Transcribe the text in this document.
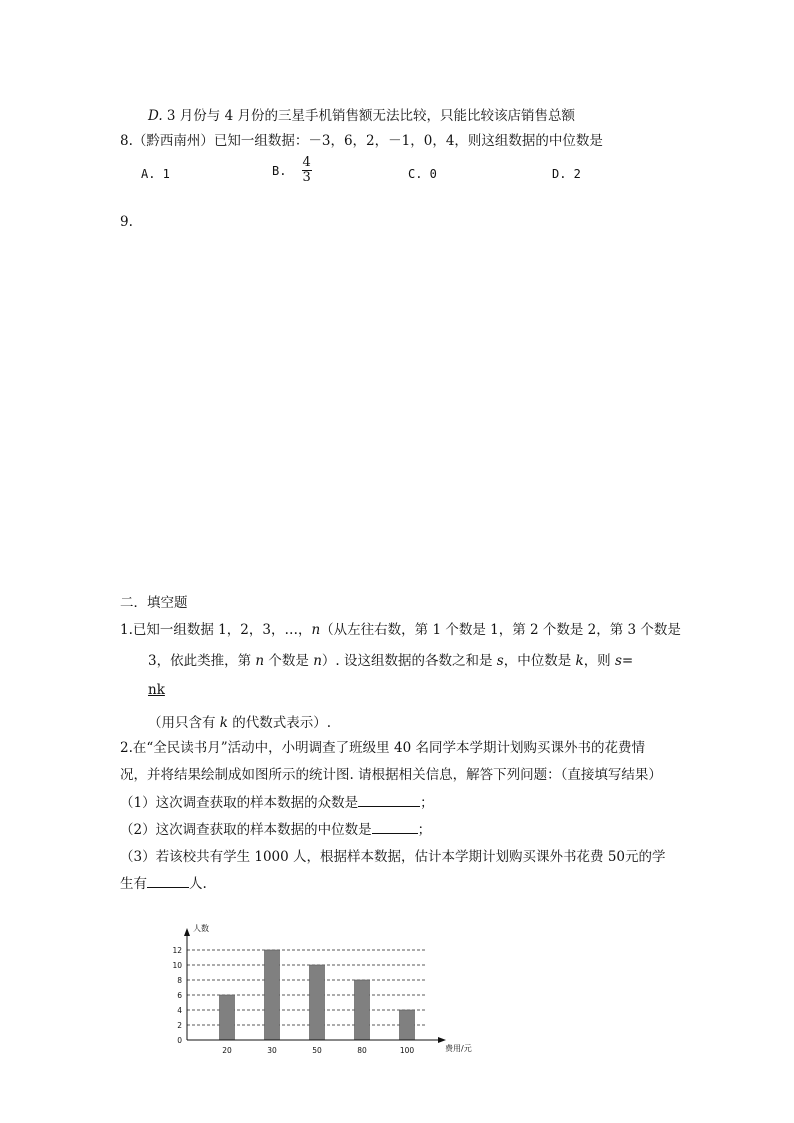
D. 3 月份与 4 月份的三星手机销售额无法比较，只能比较该店销售总额
8.（黔西南州）已知一组数据：－3，6，2，－1，0，4，则这组数据的中位数是
A. 1	B. $\frac{4}{3}$	C. 0	D. 2
9.
二．填空题
1.已知一组数据 1，2，3，…，n（从左往右数，第 1 个数是 1，第 2 个数是 2，第 3 个数是
3，依此类推，第 n 个数是 n）. 设这组数据的各数之和是 s，中位数是 k，则 s=
nk
（用只含有 k 的代数式表示）.
2.在“全民读书月”活动中，小明调查了班级里 40 名同学本学期计划购买课外书的花费情
况，并将结果绘制成如图所示的统计图. 请根据相关信息，解答下列问题：（直接填写结果）
（1）这次调查获取的样本数据的众数是	；
（2）这次调查获取的样本数据的中位数是	；
（3）若该校共有学生 1000 人，根据样本数据，估计本学期计划购买课外书花费 50元的学
生有	人.
0
2
4
6
8
10
12
20	30	50	80	100
人数
费用/元
